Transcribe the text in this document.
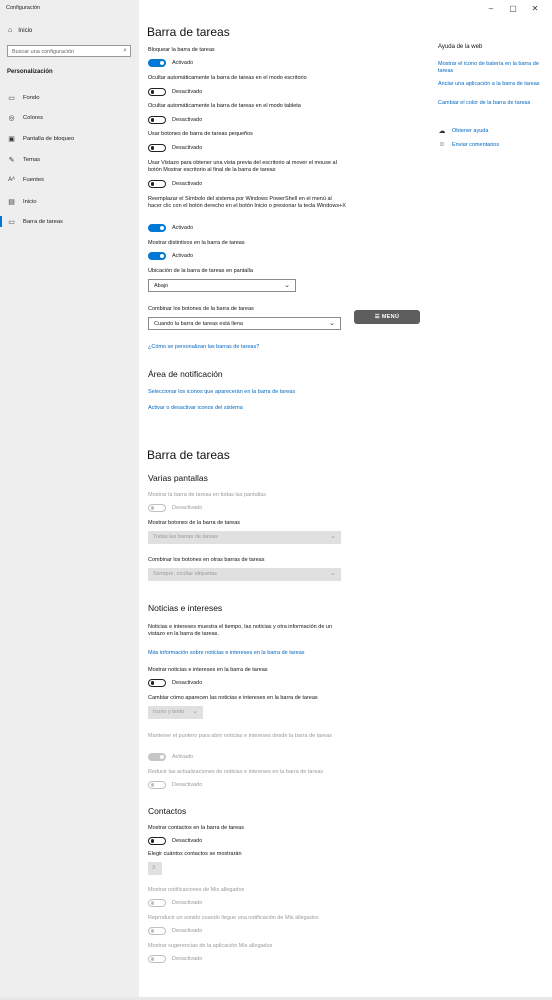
⌂ Inicio
Buscar una configuración	⌕
Personalización
▭ Fondo
◎ Colores
▣ Pantalla de bloqueo
✎ Temas
Aᴬ Fuentes
▤ Inicio
▭ Barra de tareas
Configuración	–	▢	✕
Barra de tareas
Bloquear la barra de tareas
Activado
Ocultar automáticamente la barra de tareas en el modo escritorio
Desactivado
Ocultar automáticamente la barra de tareas en el modo tableta
Desactivado
Usar botones de barra de tareas pequeños
Desactivado
Usar Vistazo para obtener una vista previa del escritorio al mover el mouse al botón Mostrar escritorio al final de la barra de tareas
Desactivado
Reemplazar el Símbolo del sistema por Windows PowerShell en el menú al hacer clic con el botón derecho en el botón Inicio o presionar la tecla Windows+X
Activado
Mostrar distintivos en la barra de tareas
Activado
Ubicación de la barra de tareas en pantalla
Abajo	⌄
Combinar los botones de la barra de tareas
Cuando la barra de tareas está llena	⌄
☰ MENÚ
¿Cómo se personalizan las barras de tareas?
Área de notificación
Seleccionar los iconos que aparecerán en la barra de tareas
Activar o desactivar iconos del sistema
Barra de tareas
Varias pantallas
Mostrar la barra de tareas en todas las pantallas
Desactivado
Mostrar botones de la barra de tareas
Todas las barras de tareas	⌄
Combinar los botones en otras barras de tareas
Siempre, ocultar etiquetas	⌄
Noticias e intereses
Noticias e intereses muestra el tiempo, las noticias y otra información de un vistazo en la barra de tareas.
Más información sobre noticias e intereses en la barra de tareas
Mostrar noticias e intereses en la barra de tareas
Desactivado
Cambiar cómo aparecen las noticias e intereses en la barra de tareas
Icono y texto ⌄
Mantener el puntero para abrir noticias e intereses desde la barra de tareas
Activado
Reducir las actualizaciones de noticias e intereses en la barra de tareas
Desactivado
Contactos
Mostrar contactos en la barra de tareas
Desactivado
Elegir cuántos contactos se mostrarán
3
Mostrar notificaciones de Mis allegados
Desactivado
Reproducir un sonido cuando llegue una notificación de Mis allegados
Desactivado
Mostrar sugerencias de la aplicación Mis allegados
Desactivado
Ayuda de la web
Mostrar el icono de batería en la barra de tareas
Anclar una aplicación a la barra de tareas
Cambiar el color de la barra de tareas
☁ Obtener ayuda
☺ Enviar comentarios
